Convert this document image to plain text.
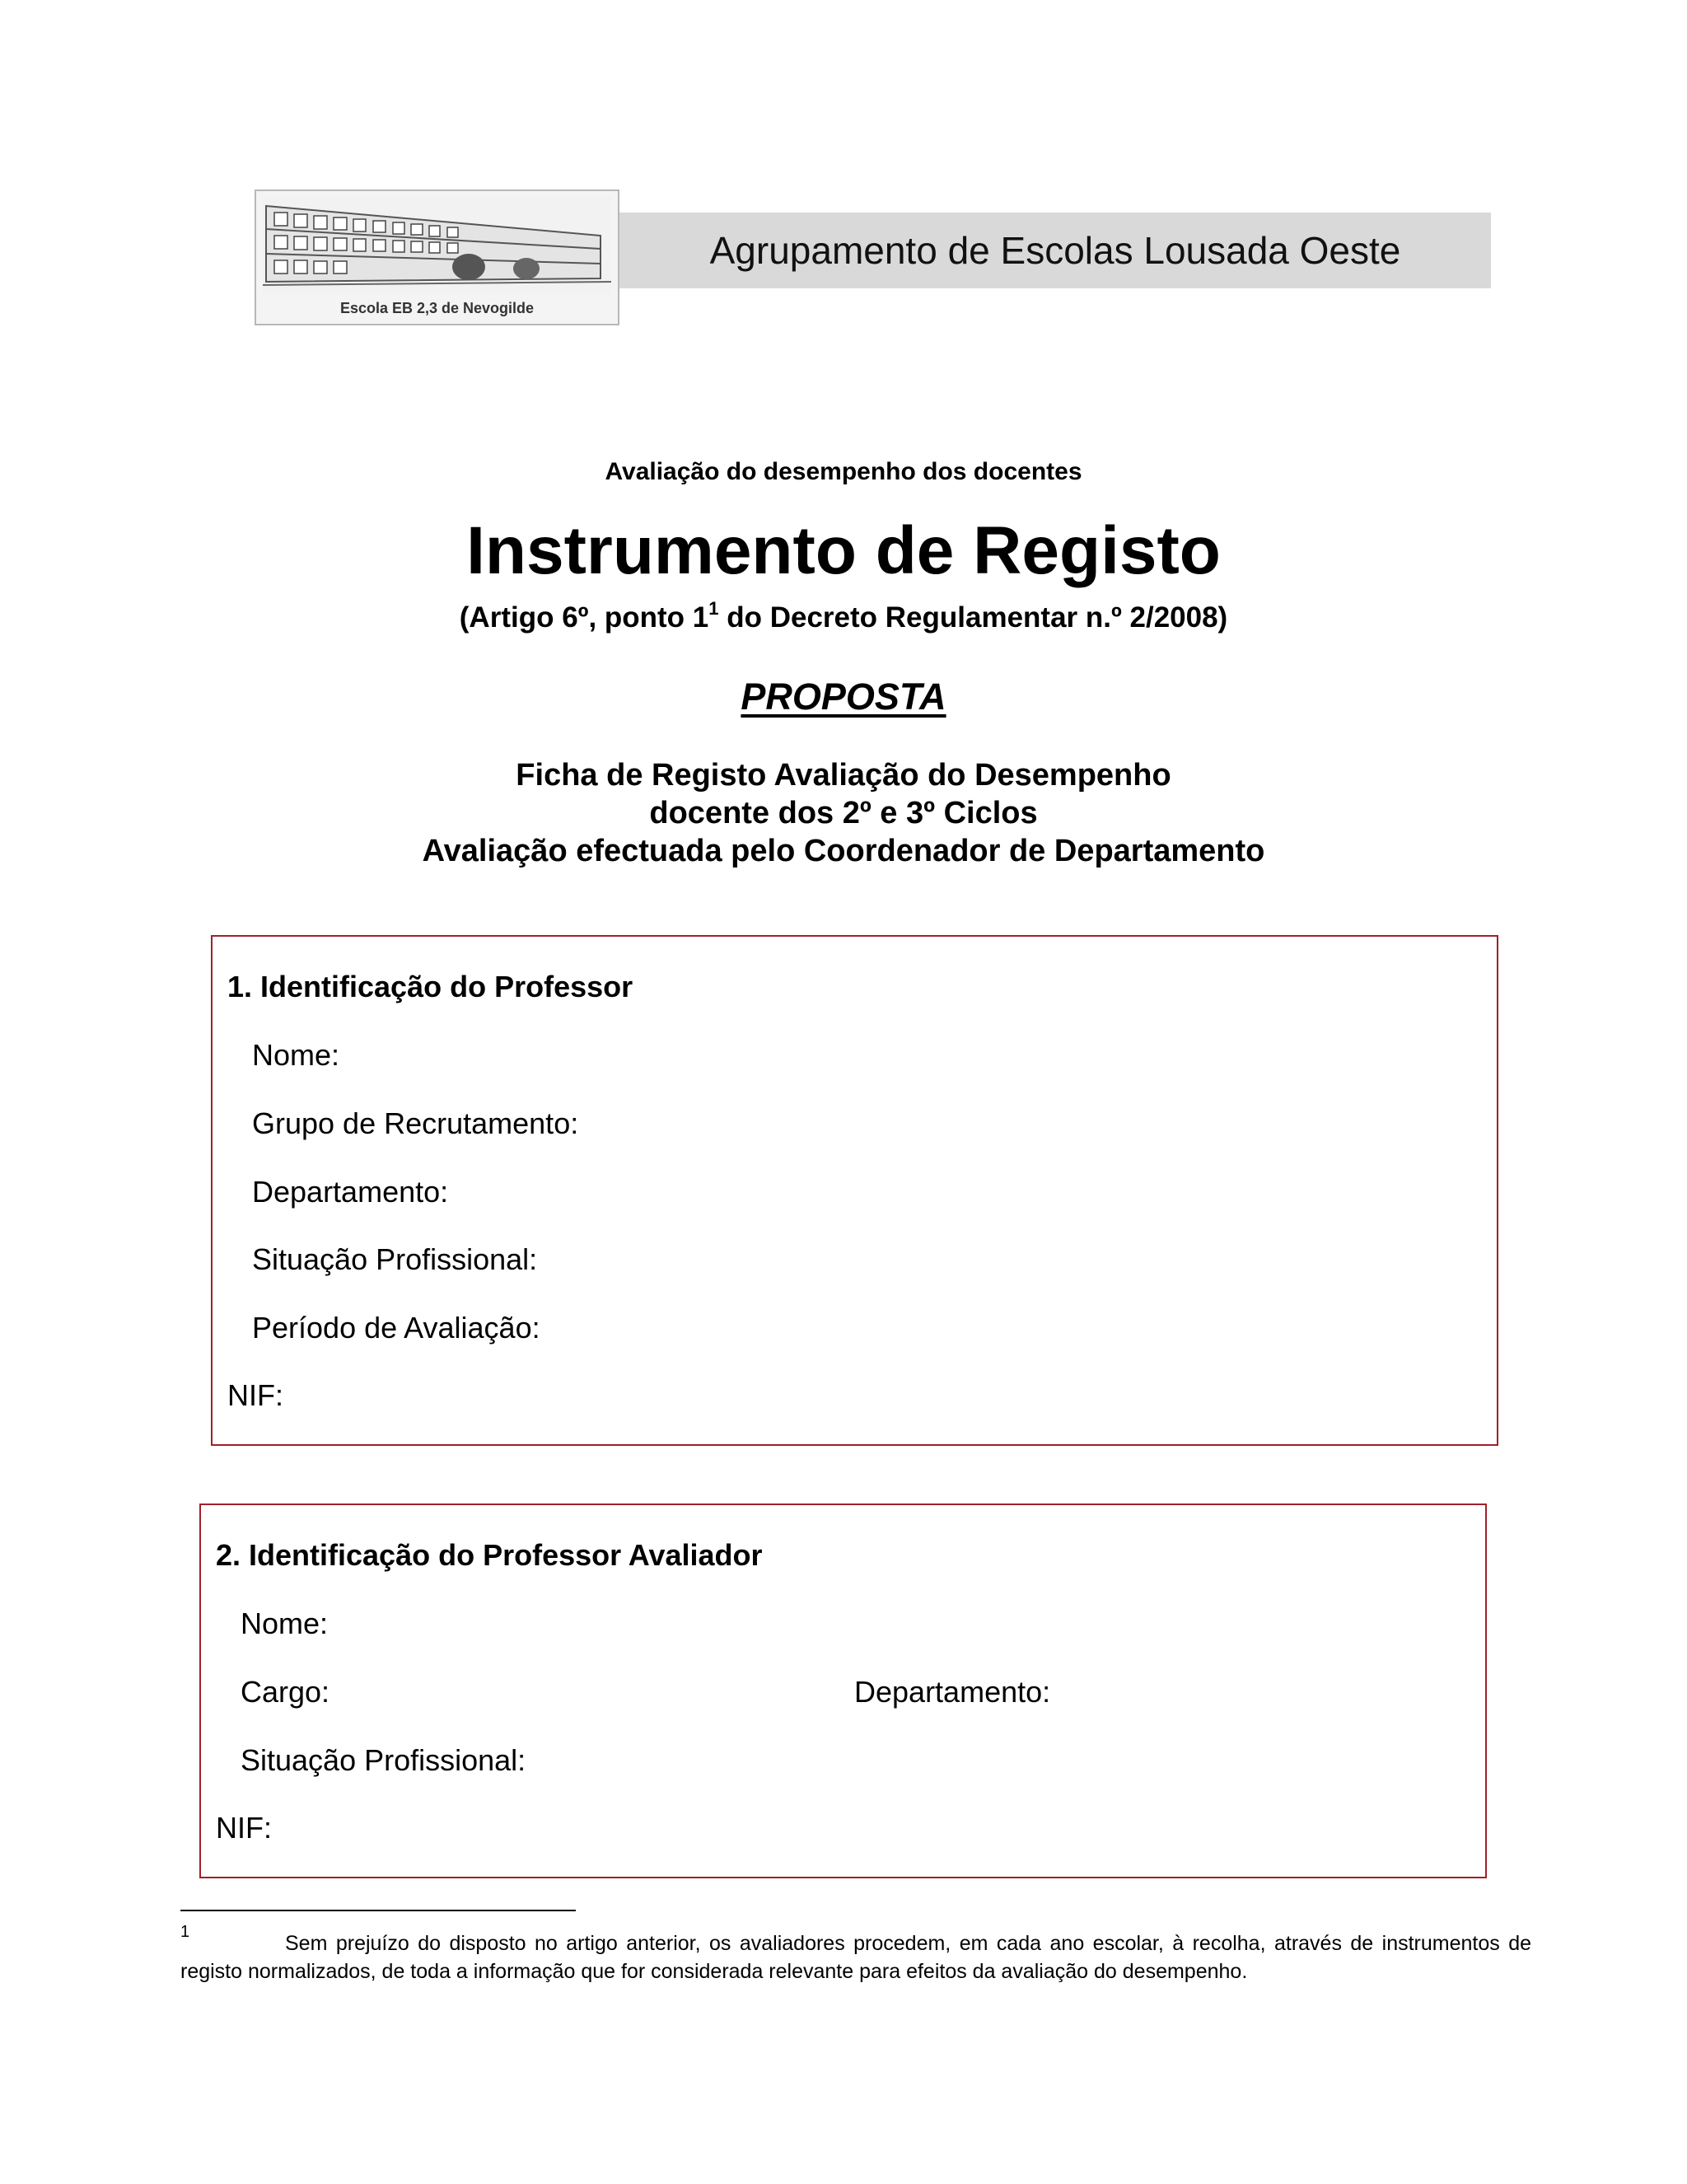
Escola EB 2,3 de Nevogilde
Agrupamento de Escolas Lousada Oeste
Avaliação do desempenho dos docentes
Instrumento de Registo
(Artigo 6º, ponto $1^1$ do Decreto Regulamentar n.º 2/2008)
PROPOSTA
Ficha de Registo Avaliação do Desempenho
docente dos 2º e 3º Ciclos
Avaliação efectuada pelo Coordenador de Departamento
1. Identificação do Professor
Nome:
Grupo de Recrutamento:
Departamento:
Situação Profissional:
Período de Avaliação:
NIF:
2. Identificação do Professor Avaliador
Nome:
Cargo:	Departamento:
Situação Profissional:
NIF:
1	Sem prejuízo do disposto no artigo anterior, os avaliadores procedem, em cada ano escolar, à recolha, através de instrumentos de registo normalizados, de toda a informação que for considerada relevante para efeitos da avaliação do desempenho.
